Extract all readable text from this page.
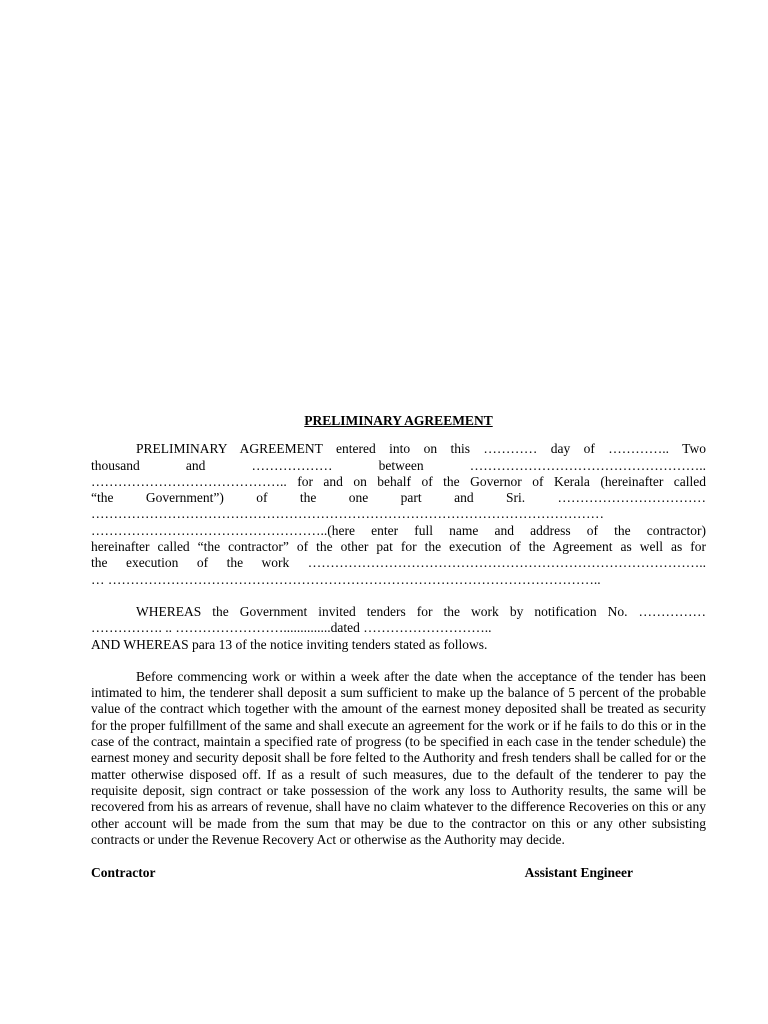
PRELIMINARY AGREEMENT
PRELIMINARY AGREEMENT entered into on this ………… day of ………….. Two
thousand and ……………… between ……………………………………………..
…………………………………….. for and on behalf of the Governor of Kerala (hereinafter called
“the Government”) of the one part and Sri. ……………………………
……………………………………………………………………………………………………
……………………………………………..(here enter full name and address of the contractor)
hereinafter called “the contractor” of the other pat for the execution of the Agreement as well as for
the execution of the work ……………………………………………………………………………..
… ………………………………………………………………………………………………..
WHEREAS the Government invited tenders for the work by notification No. ……………
……………. .. ……………………..............dated ………………………..
AND WHEREAS para 13 of the notice inviting tenders stated as follows.

Before commencing work or within a week after the date when the acceptance of the tender has been intimated to him, the tenderer shall deposit a sum sufficient to make up the balance of 5 percent of the probable value of the contract which together with the amount of the earnest money deposited shall be treated as security for the proper fulfillment of the same and shall execute an agreement for the work or if he fails to do this or in the case of the contract, maintain a specified rate of progress (to be specified in each case in the tender schedule) the earnest money and security deposit shall be fore felted to the Authority and fresh tenders shall be called for or the matter otherwise disposed off. If as a result of such measures, due to the default of the tenderer to pay the requisite deposit, sign contract or take possession of the work any loss to Authority results, the same will be recovered from his as arrears of revenue, shall have no claim whatever to the difference Recoveries on this or any other account will be made from the sum that may be due to the contractor on this or any other subsisting contracts or under the Revenue Recovery Act or otherwise as the Authority may decide.

Contractor	Assistant Engineer
